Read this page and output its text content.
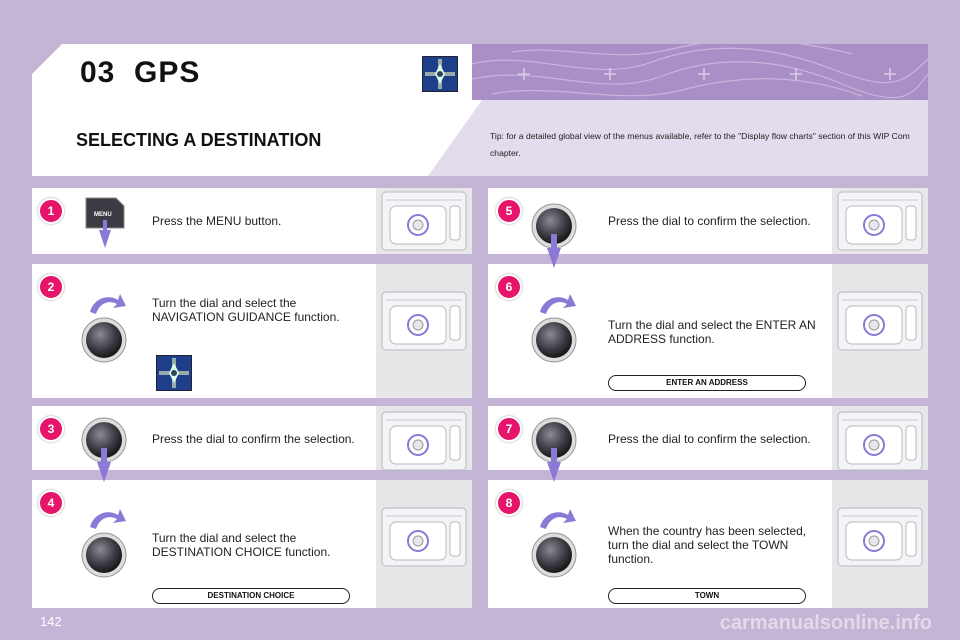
03 GPS
SELECTING A DESTINATION	Tip: for a detailed global view of the menus available, refer to the "Display flow charts" section of this WIP Com chapter.
1	MENU	Press the MENU button.
2
Turn the dial and select the NAVIGATION GUIDANCE function.
3
Press the dial to confirm the selection.
4
Turn the dial and select the DESTINATION CHOICE function.
DESTINATION CHOICE
5
Press the dial to confirm the selection.
6
Turn the dial and select the ENTER AN ADDRESS function.
ENTER AN ADDRESS
7
Press the dial to confirm the selection.
8
When the country has been selected, turn the dial and select the TOWN function.
TOWN
142	carmanualsonline.info
